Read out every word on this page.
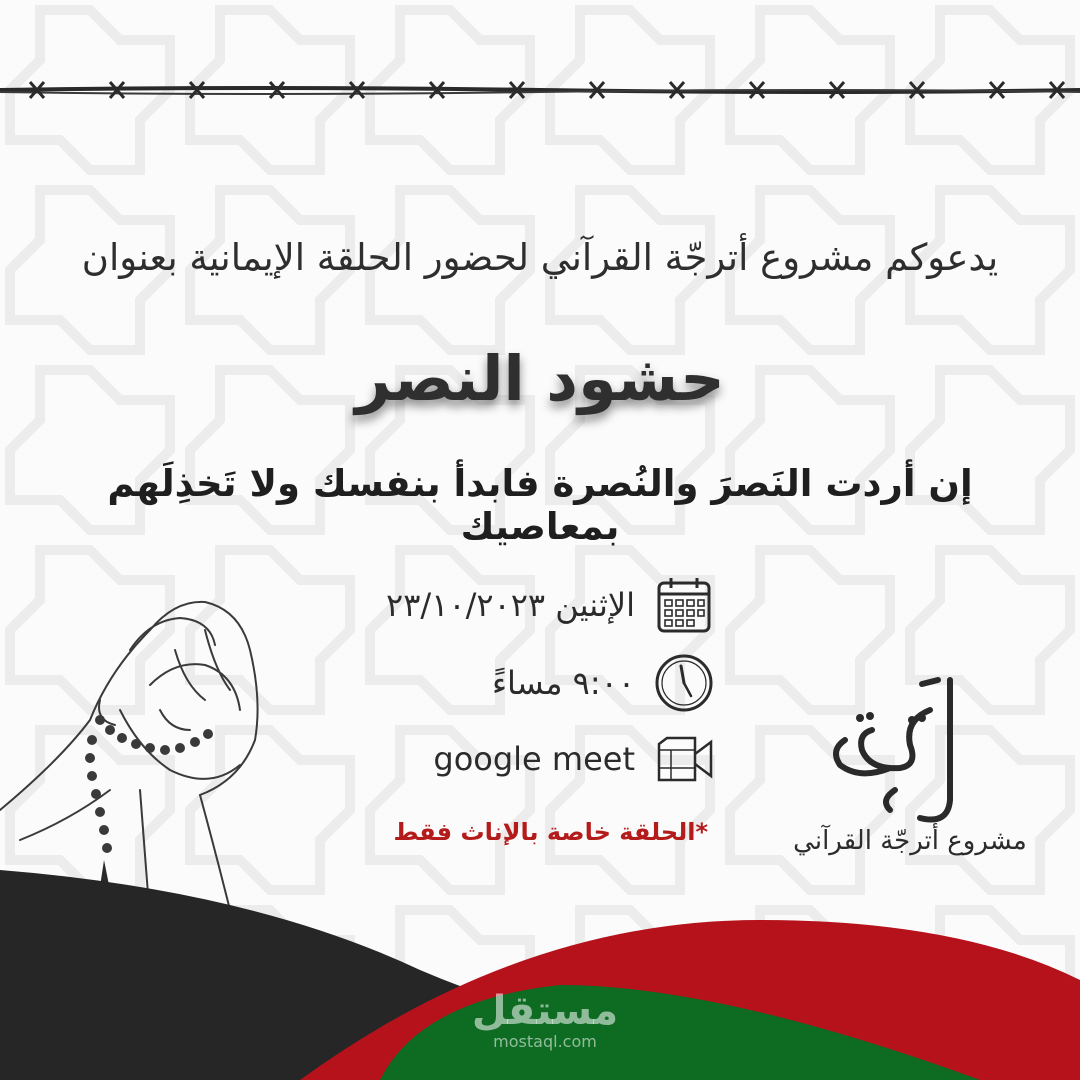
يدعوكم مشروع أترجّة القرآني لحضور الحلقة الإيمانية بعنوان
حشود النصر
إن أردت النَصرَ والنُصرة فابدأ بنفسك ولا تَخذِلَهم بمعاصيك
الإثنين ٢٣/١٠/٢٠٢٣
٩:٠٠ مساءً
google meet
*الحلقة خاصة بالإناث فقط	مشروع أترجّة القرآني
مستقل
mostaql.com
